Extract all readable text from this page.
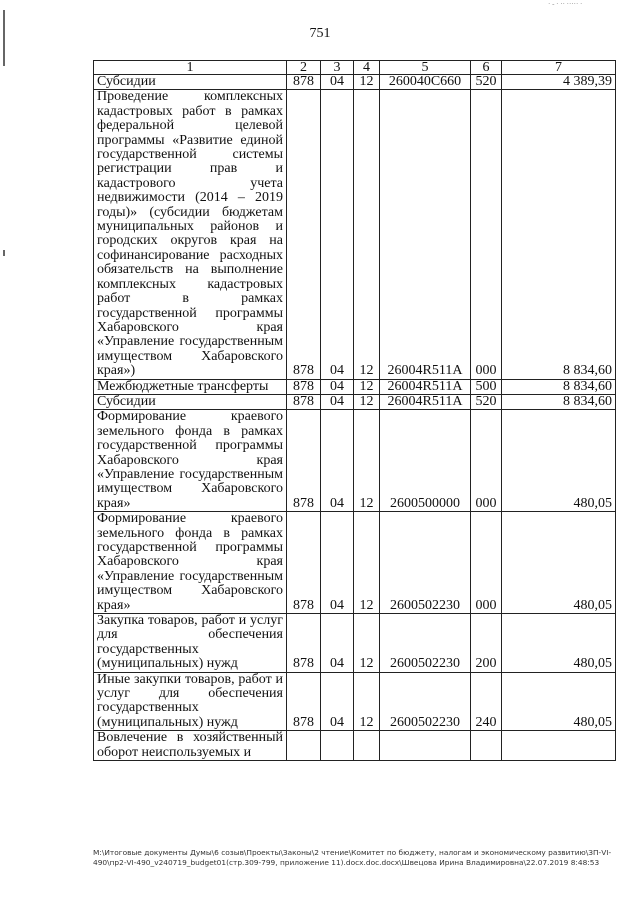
751
· - · ·· ····· ·
1	2	3	4	5	6	7
Субсидии	878	04	12	260040С660	520	4 389,39
Проведение комплексных кадастровых работ в рамках федеральной целевой программы «Развитие единой государственной системы регистрации прав и кадастрового учета недвижимости (2014 – 2019 годы)» (субсидии бюджетам муниципальных районов и городских округов края на софинансирование расходных обязательств на выполнение комплексных кадастровых работ в рамках государственной программы Хабаровского края «Управление государственным имуществом Хабаровского края»)	878	04	12	26004R511A	000	8 834,60
Межбюджетные трансферты	878	04	12	26004R511A	500	8 834,60
Субсидии	878	04	12	26004R511A	520	8 834,60
Формирование краевого земельного фонда в рамках государственной программы Хабаровского края «Управление государственным имуществом Хабаровского края»	878	04	12	2600500000	000	480,05
Формирование краевого земельного фонда в рамках государственной программы Хабаровского края «Управление государственным имуществом Хабаровского края»	878	04	12	2600502230	000	480,05
Закупка товаров, работ и услуг для обеспечения государственных (муниципальных) нужд	878	04	12	2600502230	200	480,05
Иные закупки товаров, работ и услуг для обеспечения государственных (муниципальных) нужд	878	04	12	2600502230	240	480,05
Вовлечение в хозяйственный оборот неиспользуемых и						
М:\Итоговые документы Думы\6 созыв\Проекты\Законы\2 чтение\Комитет по бюджету, налогам и экономическому развитию\ЗП-VI-490\пр2-VI-490_v240719_budget01(стр.309-799, приложение 11).docx.doc.docx\Швецова Ирина Владимировна\22.07.2019 8:48:53
